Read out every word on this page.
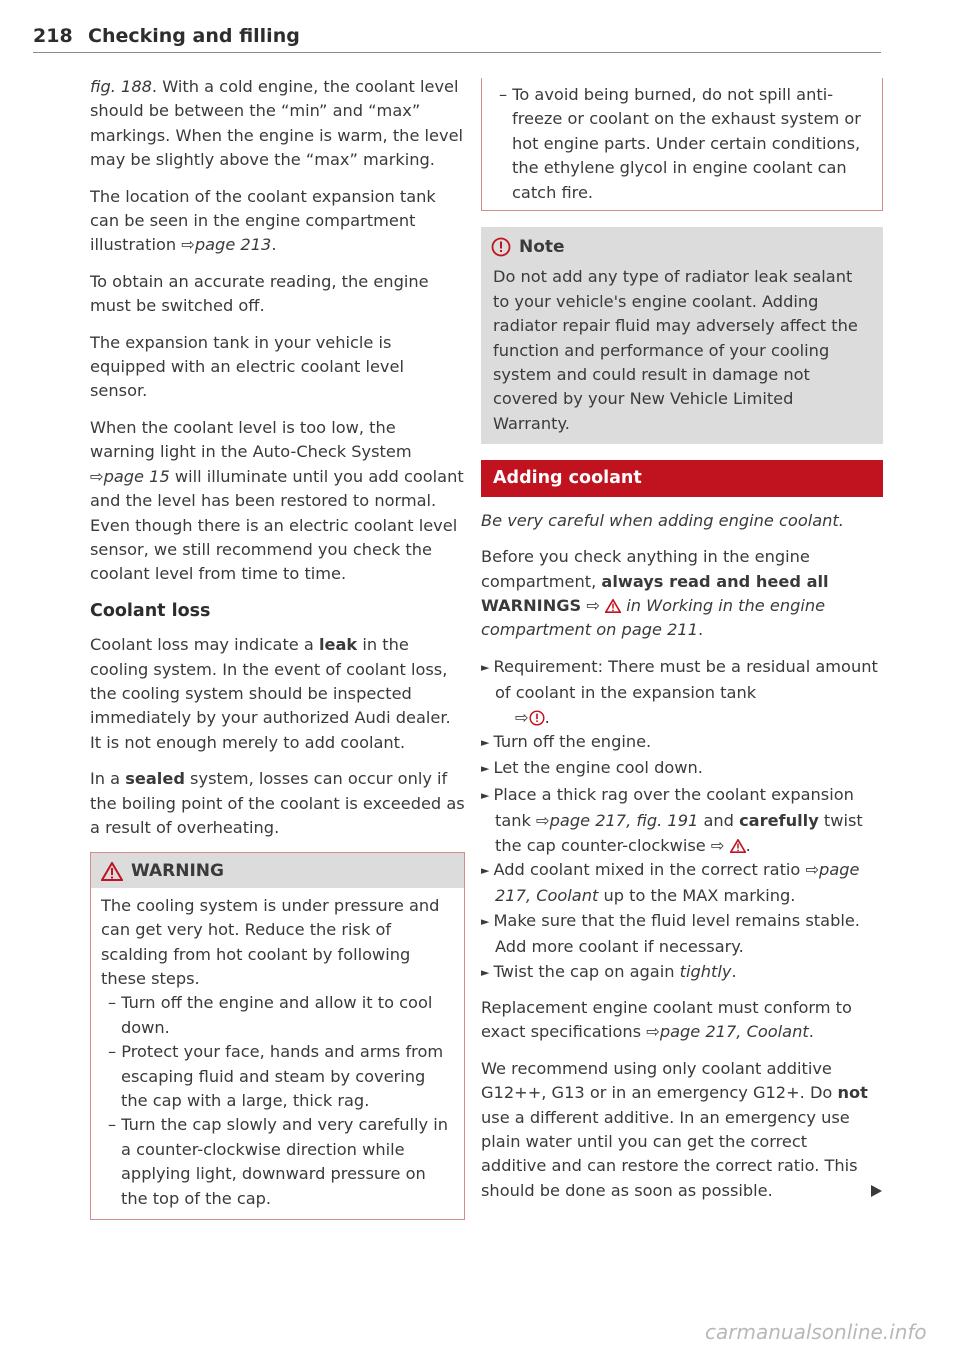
218 Checking and filling

fig. 188. With a cold engine, the coolant level should be between the “min” and “max” markings. When the engine is warm, the level may be slightly above the “max” marking.

The location of the coolant expansion tank can be seen in the engine compartment illustration ⇨page 213.

To obtain an accurate reading, the engine must be switched off.

The expansion tank in your vehicle is equipped with an electric coolant level sensor.

When the coolant level is too low, the warning light in the Auto-Check System ⇨page 15 will illuminate until you add coolant and the level has been restored to normal. Even though there is an electric coolant level sensor, we still recommend you check the coolant level from time to time.

Coolant loss

Coolant loss may indicate a leak in the cooling system. In the event of coolant loss, the cooling system should be inspected immediately by your authorized Audi dealer. It is not enough merely to add coolant.

In a sealed system, losses can occur only if the boiling point of the coolant is exceeded as a result of overheating.

WARNING

The cooling system is under pressure and can get very hot. Reduce the risk of scalding from hot coolant by following these steps.

– Turn off the engine and allow it to cool down.

– Protect your face, hands and arms from escaping fluid and steam by covering the cap with a large, thick rag.

– Turn the cap slowly and very carefully in a counter-clockwise direction while applying light, downward pressure on the top of the cap.

– To avoid being burned, do not spill anti-freeze or coolant on the exhaust system or hot engine parts. Under certain conditions, the ethylene glycol in engine coolant can catch fire.

Note

Do not add any type of radiator leak sealant to your vehicle's engine coolant. Adding radiator repair fluid may adversely affect the function and performance of your cooling system and could result in damage not covered by your New Vehicle Limited Warranty.

Adding coolant

Be very careful when adding engine coolant.

Before you check anything in the engine compartment, always read and heed all WARNINGS ⇨ in Working in the engine compartment on page 211.

► Requirement: There must be a residual amount of coolant in the expansion tank
⇨ .

► Turn off the engine.

► Let the engine cool down.

► Place a thick rag over the coolant expansion tank ⇨page 217, fig. 191 and carefully twist the cap counter-clockwise ⇨ .

► Add coolant mixed in the correct ratio ⇨page 217, Coolant up to the MAX marking.

► Make sure that the fluid level remains stable. Add more coolant if necessary.

► Twist the cap on again tightly.

Replacement engine coolant must conform to exact specifications ⇨page 217, Coolant.

We recommend using only coolant additive G12++, G13 or in an emergency G12+. Do not use a different additive. In an emergency use plain water until you can get the correct additive and can restore the correct ratio. This should be done as soon as possible.

carmanualsonline.info
